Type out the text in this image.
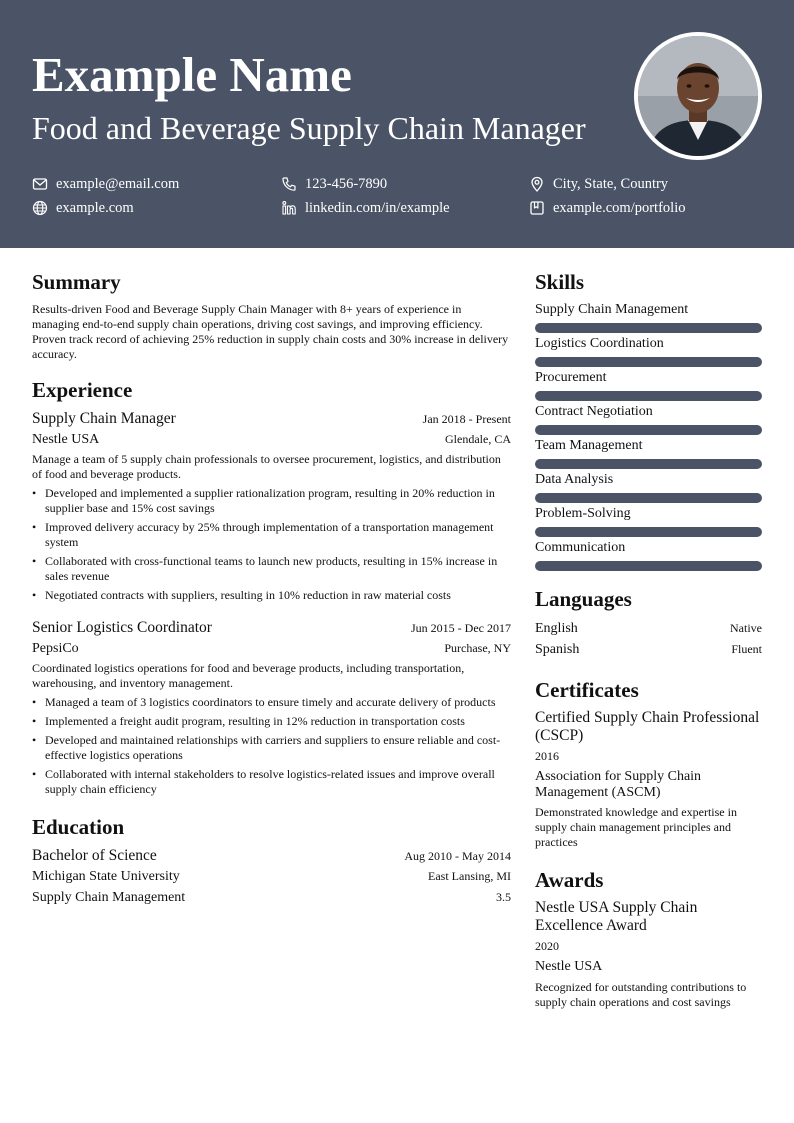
Example Name
Food and Beverage Supply Chain Manager
example@email.com	123-456-7890	City, State, Country
example.com	linkedin.com/in/example	example.com/portfolio
Summary

Results-driven Food and Beverage Supply Chain Manager with 8+ years of experience in managing end-to-end supply chain operations, driving cost savings, and improving efficiency. Proven track record of achieving 25% reduction in supply chain costs and 30% increase in delivery accuracy.

Experience
Supply Chain Manager	Jan 2018 - Present
Nestle USA	Glendale, CA

Manage a team of 5 supply chain professionals to oversee procurement, logistics, and distribution of food and beverage products.

• Developed and implemented a supplier rationalization program, resulting in 20% reduction in supplier base and 15% cost savings
• Improved delivery accuracy by 25% through implementation of a transportation management system
• Collaborated with cross-functional teams to launch new products, resulting in 15% increase in sales revenue
• Negotiated contracts with suppliers, resulting in 10% reduction in raw material costs
Senior Logistics Coordinator	Jun 2015 - Dec 2017
PepsiCo	Purchase, NY

Coordinated logistics operations for food and beverage products, including transportation, warehousing, and inventory management.

• Managed a team of 3 logistics coordinators to ensure timely and accurate delivery of products
• Implemented a freight audit program, resulting in 12% reduction in transportation costs
• Developed and maintained relationships with carriers and suppliers to ensure reliable and cost-effective logistics operations
• Collaborated with internal stakeholders to resolve logistics-related issues and improve overall supply chain efficiency
Education
Bachelor of Science	Aug 2010 - May 2014
Michigan State University	East Lansing, MI
Supply Chain Management	3.5
Skills
Supply Chain Management
Logistics Coordination
Procurement
Contract Negotiation
Team Management
Data Analysis
Problem-Solving
Communication
Languages
English	Native
Spanish	Fluent
Certificates
Certified Supply Chain Professional (CSCP)
2016
Association for Supply Chain Management (ASCM)
Demonstrated knowledge and expertise in supply chain management principles and practices
Awards
Nestle USA Supply Chain Excellence Award
2020
Nestle USA
Recognized for outstanding contributions to supply chain operations and cost savings
